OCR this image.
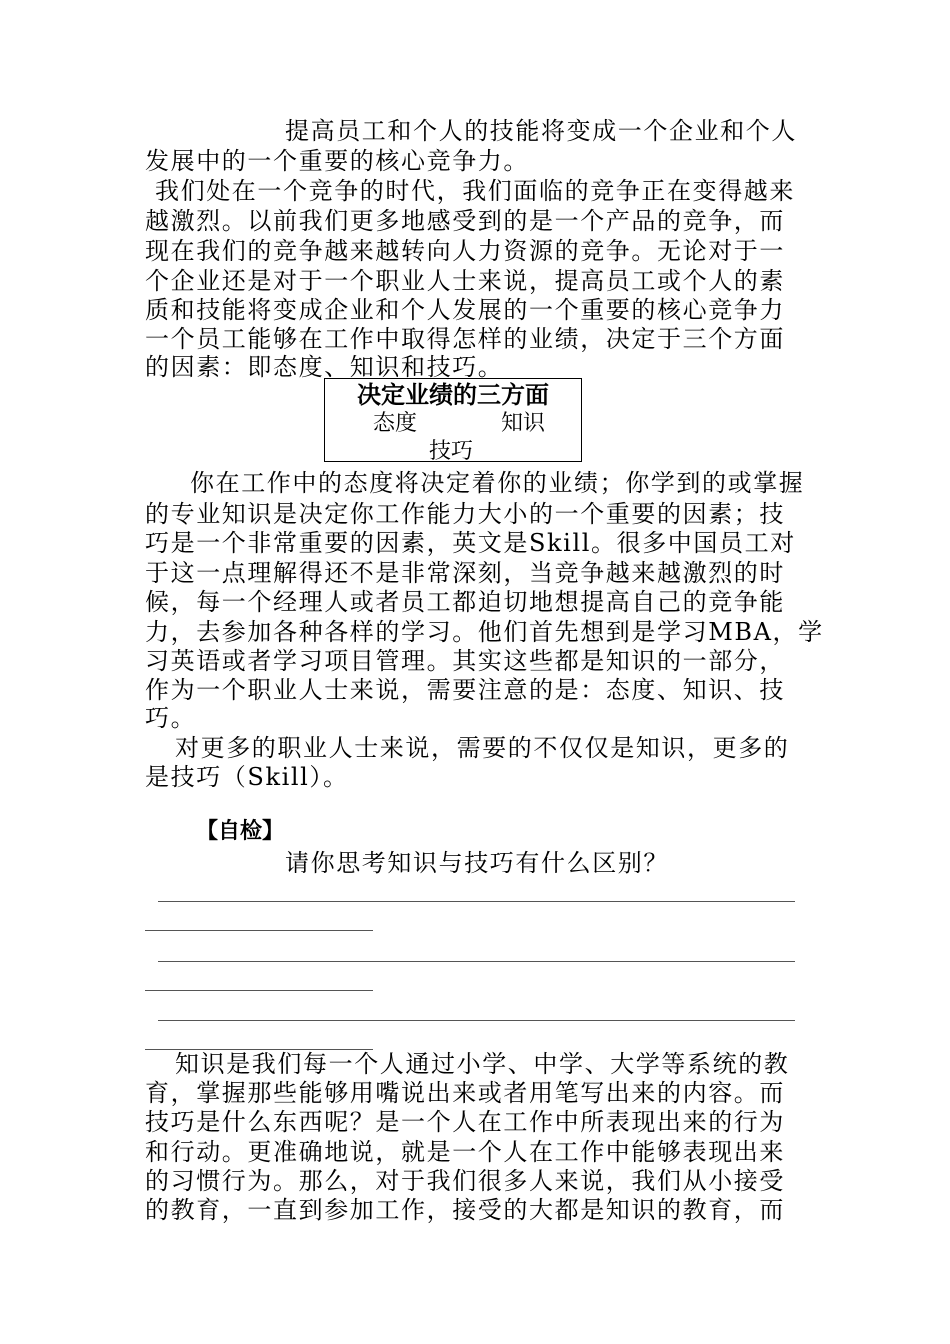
提高员工和个人的技能将变成一个企业和个人
发展中的一个重要的核心竞争力。
我们处在一个竞争的时代，我们面临的竞争正在变得越来
越激烈。以前我们更多地感受到的是一个产品的竞争，而
现在我们的竞争越来越转向人力资源的竞争。无论对于一
个企业还是对于一个职业人士来说，提高员工或个人的素
质和技能将变成企业和个人发展的一个重要的核心竞争力
一个员工能够在工作中取得怎样的业绩，决定于三个方面
的因素：即态度、知识和技巧。
决定业绩的三方面
态度	知识
技巧
你在工作中的态度将决定着你的业绩；你学到的或掌握
的专业知识是决定你工作能力大小的一个重要的因素；技
巧是一个非常重要的因素，英文是Skill。很多中国员工对
于这一点理解得还不是非常深刻，当竞争越来越激烈的时
候，每一个经理人或者员工都迫切地想提高自己的竞争能
力，去参加各种各样的学习。他们首先想到是学习MBA，学
习英语或者学习项目管理。其实这些都是知识的一部分，
作为一个职业人士来说，需要注意的是：态度、知识、技
巧。
对更多的职业人士来说，需要的不仅仅是知识，更多的
是技巧（Skill）。
【自检】
请你思考知识与技巧有什么区别？
知识是我们每一个人通过小学、中学、大学等系统的教
育，掌握那些能够用嘴说出来或者用笔写出来的内容。而
技巧是什么东西呢？是一个人在工作中所表现出来的行为
和行动。更准确地说，就是一个人在工作中能够表现出来
的习惯行为。那么，对于我们很多人来说，我们从小接受
的教育，一直到参加工作，接受的大都是知识的教育，而
